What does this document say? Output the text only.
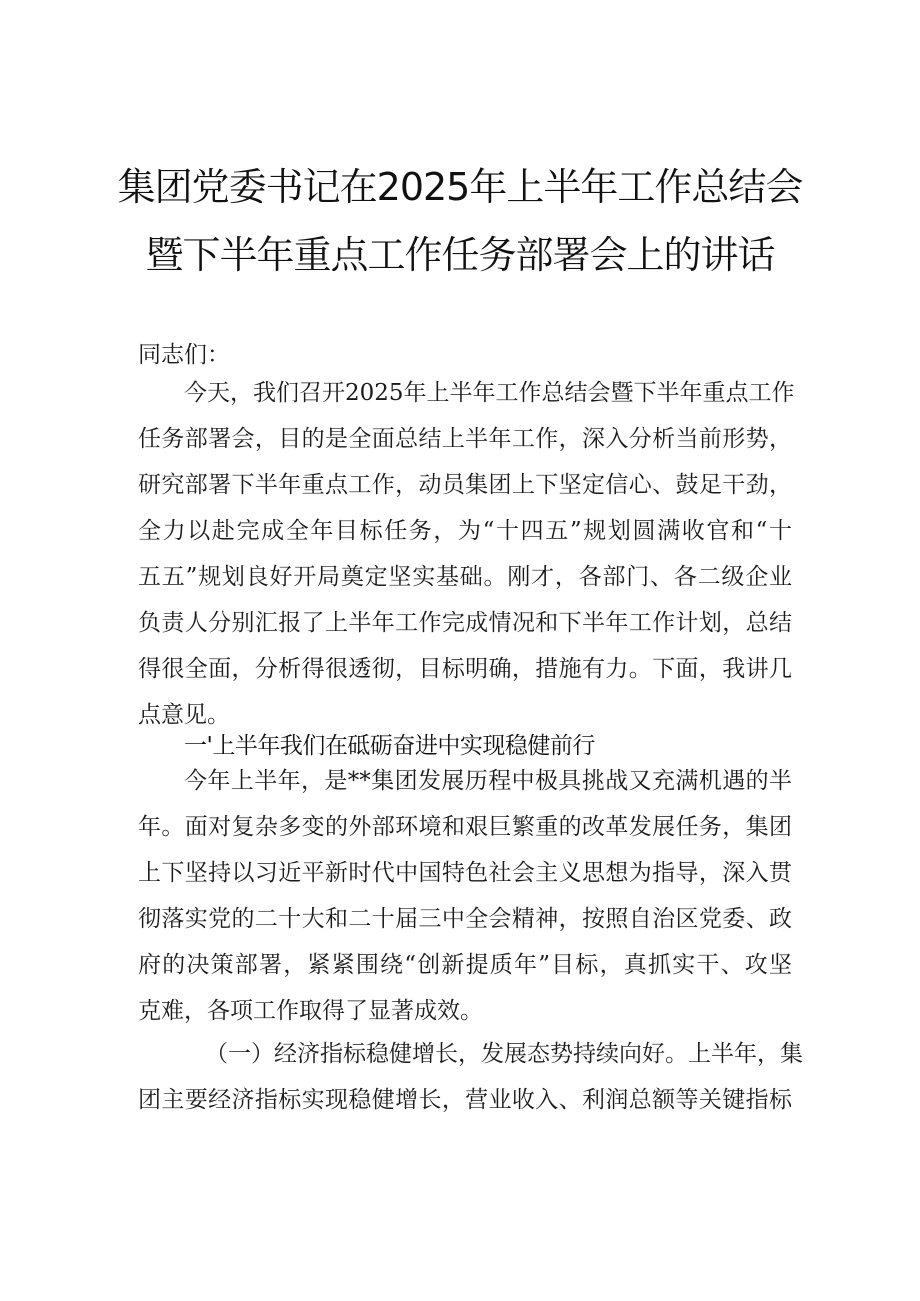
集团党委书记在2025年上半年工作总结会
暨下半年重点工作任务部署会上的讲话
同志们：
今天，我们召开2025年上半年工作总结会暨下半年重点工作
任务部署会，目的是全面总结上半年工作，深入分析当前形势，
研究部署下半年重点工作，动员集团上下坚定信心、鼓足干劲，
全力以赴完成全年目标任务，为“十四五”规划圆满收官和“十
五五”规划良好开局奠定坚实基础。刚才，各部门、各二级企业
负责人分别汇报了上半年工作完成情况和下半年工作计划，总结
得很全面，分析得很透彻，目标明确，措施有力。下面，我讲几
点意见。
一'上半年我们在砥砺奋进中实现稳健前行
今年上半年，是**集团发展历程中极具挑战又充满机遇的半
年。面对复杂多变的外部环境和艰巨繁重的改革发展任务，集团
上下坚持以习近平新时代中国特色社会主义思想为指导，深入贯
彻落实党的二十大和二十届三中全会精神，按照自治区党委、政
府的决策部署，紧紧围绕“创新提质年”目标，真抓实干、攻坚
克难，各项工作取得了显著成效。
（一）经济指标稳健增长，发展态势持续向好。上半年，集
团主要经济指标实现稳健增长，营业收入、利润总额等关键指标
